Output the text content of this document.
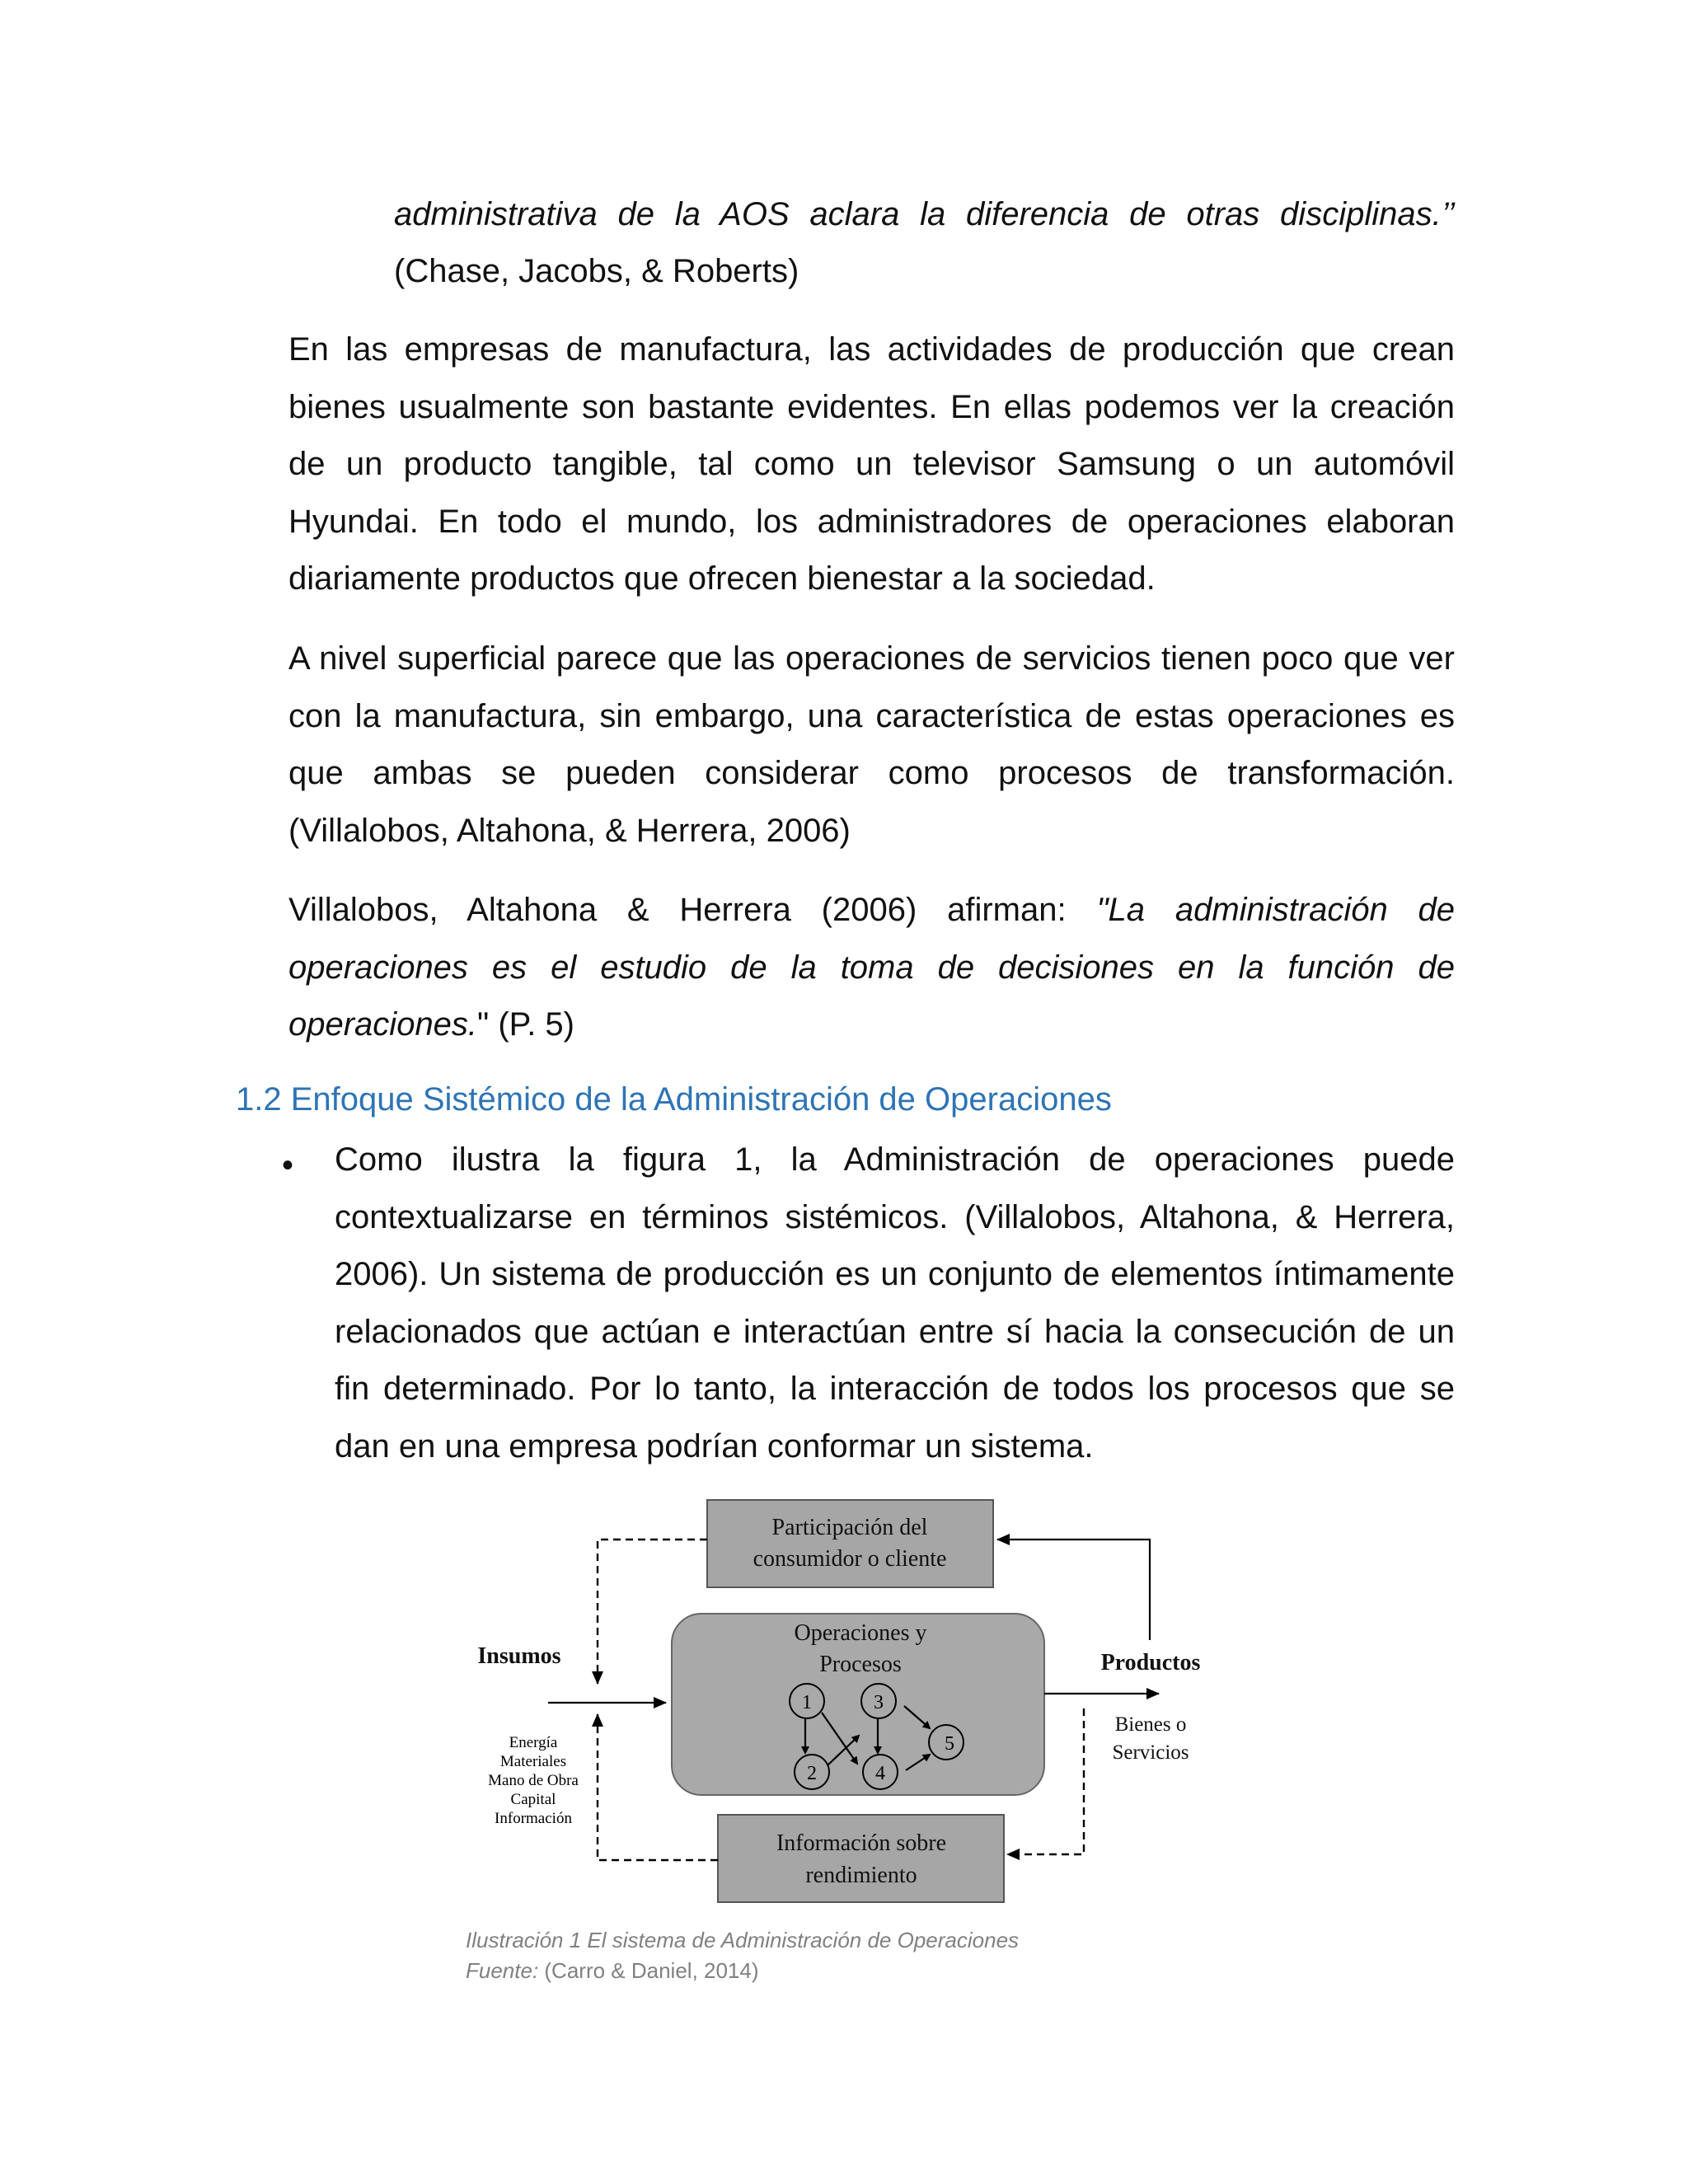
administrativa de la AOS aclara la diferencia de otras disciplinas.’’

(Chase, Jacobs, & Roberts)

En las empresas de manufactura, las actividades de producción que crean bienes usualmente son bastante evidentes. En ellas podemos ver la creación de un producto tangible, tal como un televisor Samsung o un automóvil Hyundai. En todo el mundo, los administradores de operaciones elaboran diariamente productos que ofrecen bienestar a la sociedad.

A nivel superficial parece que las operaciones de servicios tienen poco que ver con la manufactura, sin embargo, una característica de estas operaciones es que ambas se pueden considerar como procesos de transformación. (Villalobos, Altahona, & Herrera, 2006)

Villalobos, Altahona & Herrera (2006) afirman: "La administración de operaciones es el estudio de la toma de decisiones en la función de operaciones." (P. 5)

1.2 Enfoque Sistémico de la Administración de Operaciones
• Como ilustra la figura 1, la Administración de operaciones puede contextualizarse en términos sistémicos. (Villalobos, Altahona, & Herrera, 2006). Un sistema de producción es un conjunto de elementos íntimamente relacionados que actúan e interactúan entre sí hacia la consecución de un fin determinado. Por lo tanto, la interacción de todos los procesos que se dan en una empresa podrían conformar un sistema.

Participación del
consumidor o cliente
Operaciones y
Procesos
1
2
3
4
5
Información sobre
rendimiento
Insumos
Energía
Materiales
Mano de Obra
Capital
Información
Productos
Bienes o
Servicios
Ilustración 1 El sistema de Administración de Operaciones
Fuente: (Carro & Daniel, 2014)
